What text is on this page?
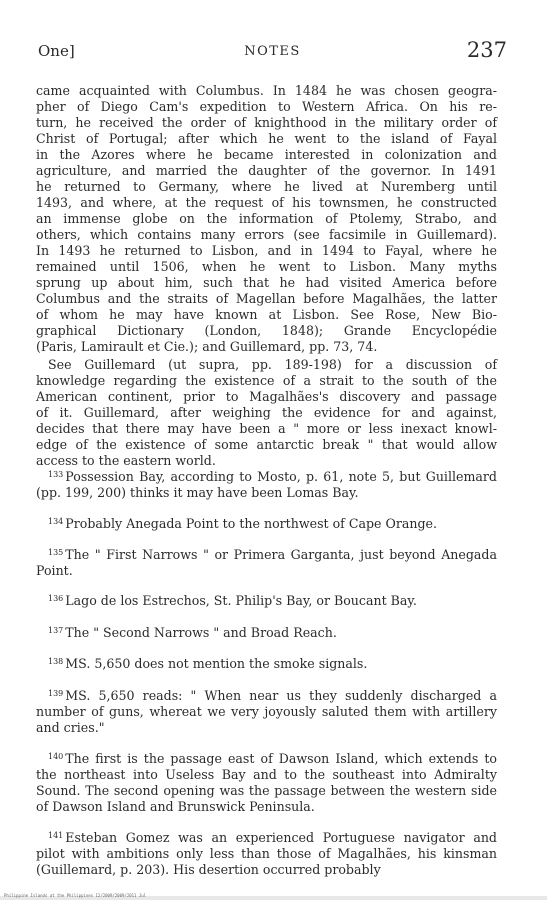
One]	NOTES	237
came acquainted with Columbus. In 1484 he was chosen geogra-
pher of Diego Cam's expedition to Western Africa. On his re-
turn, he received the order of knighthood in the military order of
Christ of Portugal; after which he went to the island of Fayal
in the Azores where he became interested in colonization and
agriculture, and married the daughter of the governor. In 1491
he returned to Germany, where he lived at Nuremberg until
1493, and where, at the request of his townsmen, he constructed
an immense globe on the information of Ptolemy, Strabo, and
others, which contains many errors (see facsimile in Guillemard).
In 1493 he returned to Lisbon, and in 1494 to Fayal, where he
remained until 1506, when he went to Lisbon. Many myths
sprung up about him, such that he had visited America before
Columbus and the straits of Magellan before Magalhães, the latter
of whom he may have known at Lisbon. See Rose, New Bio-
graphical Dictionary (London, 1848); Grande Encyclopédie
(Paris, Lamirault et Cie.); and Guillemard, pp. 73, 74.
See Guillemard (ut supra, pp. 189-198) for a discussion of
knowledge regarding the existence of a strait to the south of the
American continent, prior to Magalhães's discovery and passage
of it. Guillemard, after weighing the evidence for and against,
decides that there may have been a " more or less inexact knowl-
edge of the existence of some antarctic break " that would allow
access to the eastern world.

$^{133}$ Possession Bay, according to Mosto, p. 61, note 5, but Guillemard (pp. 199, 200) thinks it may have been Lomas Bay.

$^{134}$ Probably Anegada Point to the northwest of Cape Orange.

$^{135}$ The " First Narrows " or Primera Garganta, just beyond Anegada Point.

$^{136}$ Lago de los Estrechos, St. Philip's Bay, or Boucant Bay.

$^{137}$ The " Second Narrows " and Broad Reach.

$^{138}$ MS. 5,650 does not mention the smoke signals.

$^{139}$ MS. 5,650 reads: " When near us they suddenly discharged a number of guns, whereat we very joyously saluted them with artillery and cries."

$^{140}$ The first is the passage east of Dawson Island, which extends to the northeast into Useless Bay and to the southeast into Admiralty Sound. The second opening was the passage between the western side of Dawson Island and Brunswick Peninsula.

$^{141}$ Esteban Gomez was an experienced Portuguese navigator and pilot with ambitions only less than those of Magalhães, his kinsman (Guillemard, p. 203). His desertion occurred probably

Philippine Islands at the Philippines 12/2009/2009/2011 Jul
